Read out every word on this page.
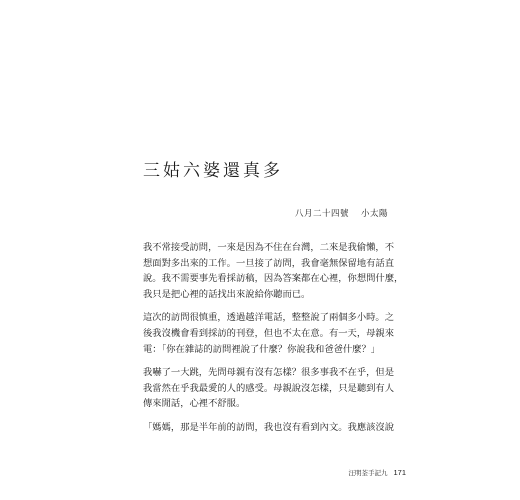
三姑六婆還真多
八月二十四號 小太陽

我不常接受訪問，一來是因為不住在台灣，二來是我偷懶，不
想面對多出來的工作。一旦接了訪問，我會毫無保留地有話直
說。我不需要事先看採訪稿，因為答案都在心裡，你想問什麼，
我只是把心裡的話找出來說給你聽而已。

這次的訪問很慎重，透過越洋電話，整整說了兩個多小時。之
後我沒機會看到採訪的刊登，但也不太在意。有一天，母親來
電：「你在雜誌的訪問裡說了什麼？你說我和爸爸什麼？」

我嚇了一大跳，先問母親有沒有怎樣？很多事我不在乎，但是
我當然在乎我最愛的人的感受。母親說沒怎樣，只是聽到有人
傳來閒話，心裡不舒服。

「媽媽，那是半年前的訪問，我也沒有看到內文。我應該沒說

汪明荃手記九 171
